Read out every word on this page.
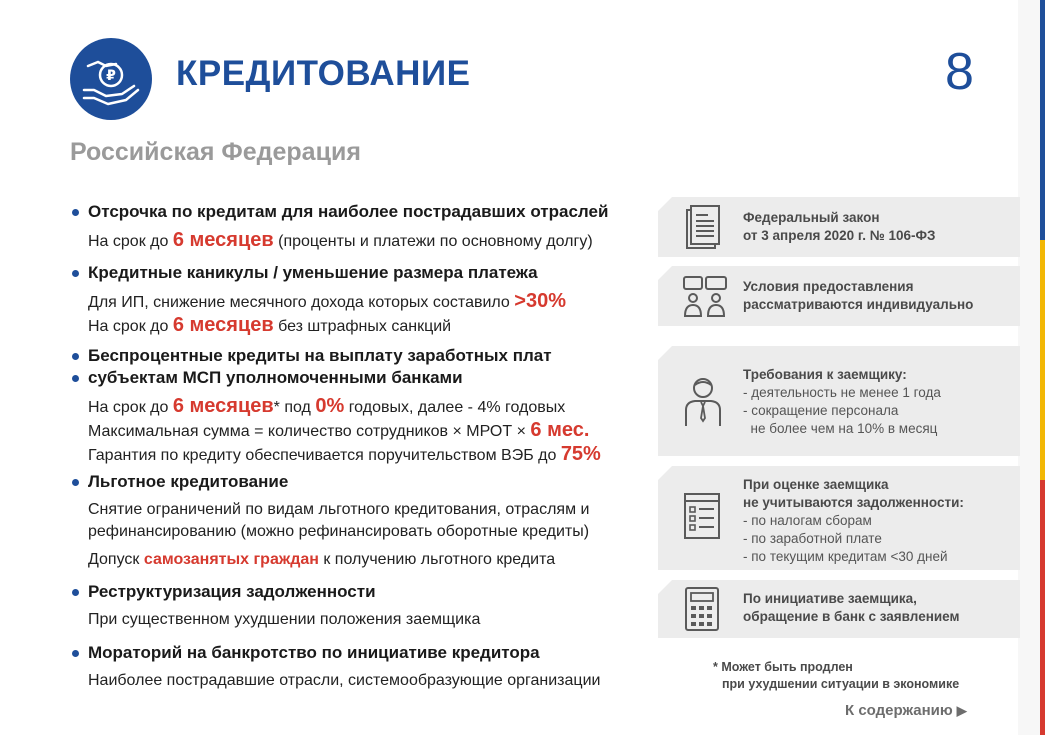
₽ КРЕДИТОВАНИЕ	8
Российская Федерация
Отсрочка по кредитам для наиболее пострадавших отраслей
На срок до 6 месяцев (проценты и платежи по основному долгу)
Кредитные каникулы / уменьшение размера платежа
Для ИП, снижение месячного дохода которых составило >30%
На срок до 6 месяцев без штрафных санкций
Беспроцентные кредиты на выплату заработных плат
субъектам МСП уполномоченными банками
На срок до 6 месяцев* под 0% годовых, далее - 4% годовых
Максимальная сумма = количество сотрудников × МРОТ × 6 мес.
Гарантия по кредиту обеспечивается поручительством ВЭБ до 75%
Льготное кредитование
Снятие ограничений по видам льготного кредитования, отраслям и
рефинансированию (можно рефинансировать оборотные кредиты)
Допуск самозанятых граждан к получению льготного кредита
Реструктуризация задолженности
При существенном ухудшении положения заемщика
Мораторий на банкротство по инициативе кредитора
Наиболее пострадавшие отрасли, системообразующие организации
Федеральный закон
от 3 апреля 2020 г. № 106-ФЗ
Условия предоставления
рассматриваются индивидуально
Требования к заемщику:
- деятельность не менее 1 года
- сокращение персонала
не более чем на 10% в месяц
При оценке заемщика
не учитываются задолженности:
- по налогам сборам
- по заработной плате
- по текущим кредитам <30 дней
По инициативе заемщика,
обращение в банк с заявлением
* Может быть продлен
при ухудшении ситуации в экономике
К содержанию ▶
